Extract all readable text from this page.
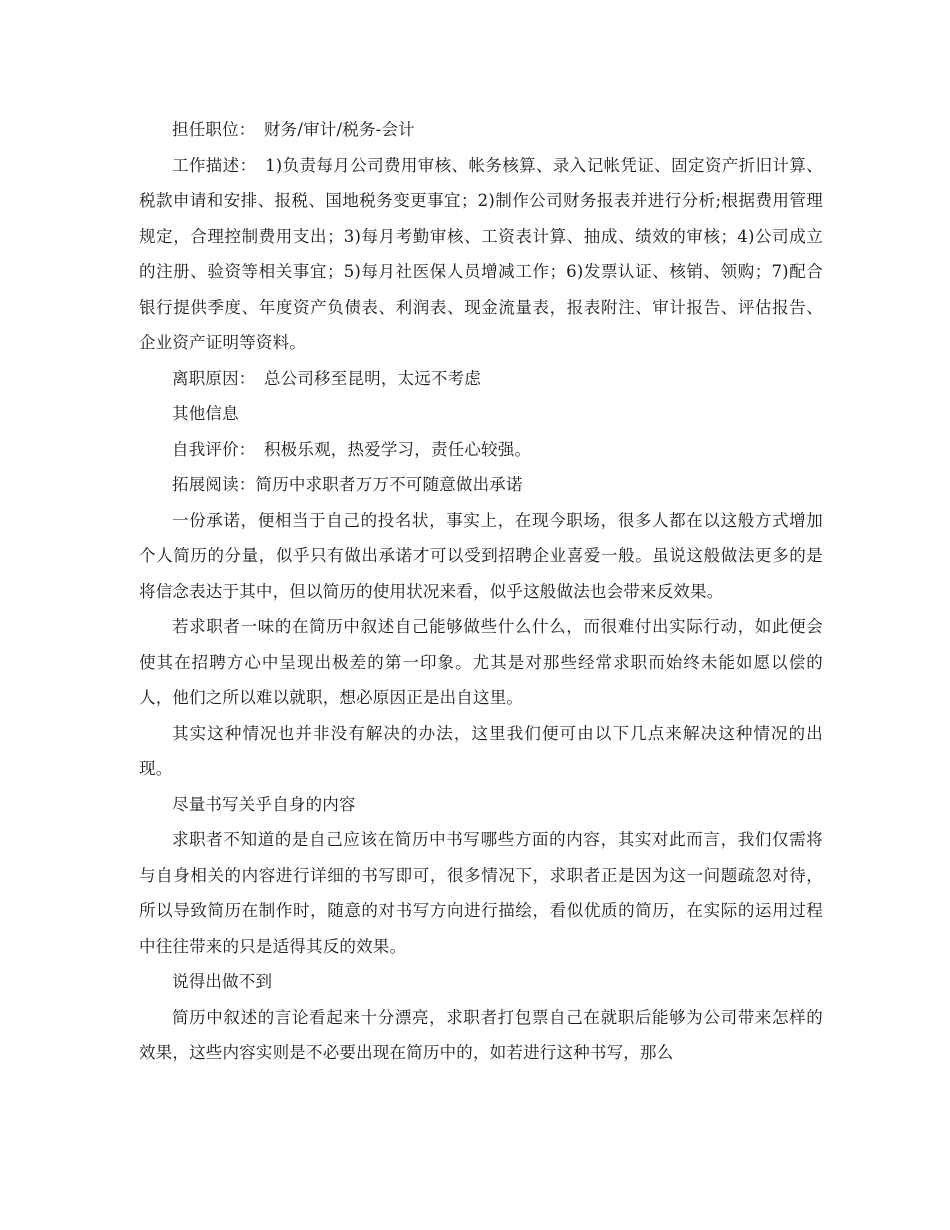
担任职位：　财务/审计/税务-会计

工作描述：　1)负责每月公司费用审核、帐务核算、录入记帐凭证、固定资产折旧计算、税款申请和安排、报税、国地税务变更事宜；2)制作公司财务报表并进行分析;根据费用管理规定，合理控制费用支出；3)每月考勤审核、工资表计算、抽成、绩效的审核；4)公司成立的注册、验资等相关事宜；5)每月社医保人员增减工作；6)发票认证、核销、领购；7)配合银行提供季度、年度资产负债表、利润表、现金流量表，报表附注、审计报告、评估报告、企业资产证明等资料。

离职原因：　总公司移至昆明，太远不考虑

其他信息

自我评价：　积极乐观，热爱学习，责任心较强。

拓展阅读：简历中求职者万万不可随意做出承诺

一份承诺，便相当于自己的投名状，事实上，在现今职场，很多人都在以这般方式增加个人简历的分量，似乎只有做出承诺才可以受到招聘企业喜爱一般。虽说这般做法更多的是将信念表达于其中，但以简历的使用状况来看，似乎这般做法也会带来反效果。

若求职者一味的在简历中叙述自己能够做些什么什么，而很难付出实际行动，如此便会使其在招聘方心中呈现出极差的第一印象。尤其是对那些经常求职而始终未能如愿以偿的人，他们之所以难以就职，想必原因正是出自这里。

其实这种情况也并非没有解决的办法，这里我们便可由以下几点来解决这种情况的出现。

尽量书写关乎自身的内容

求职者不知道的是自己应该在简历中书写哪些方面的内容，其实对此而言，我们仅需将与自身相关的内容进行详细的书写即可，很多情况下，求职者正是因为这一问题疏忽对待，所以导致简历在制作时，随意的对书写方向进行描绘，看似优质的简历，在实际的运用过程中往往带来的只是适得其反的效果。

说得出做不到

简历中叙述的言论看起来十分漂亮，求职者打包票自己在就职后能够为公司带来怎样的效果，这些内容实则是不必要出现在简历中的，如若进行这种书写，那么
